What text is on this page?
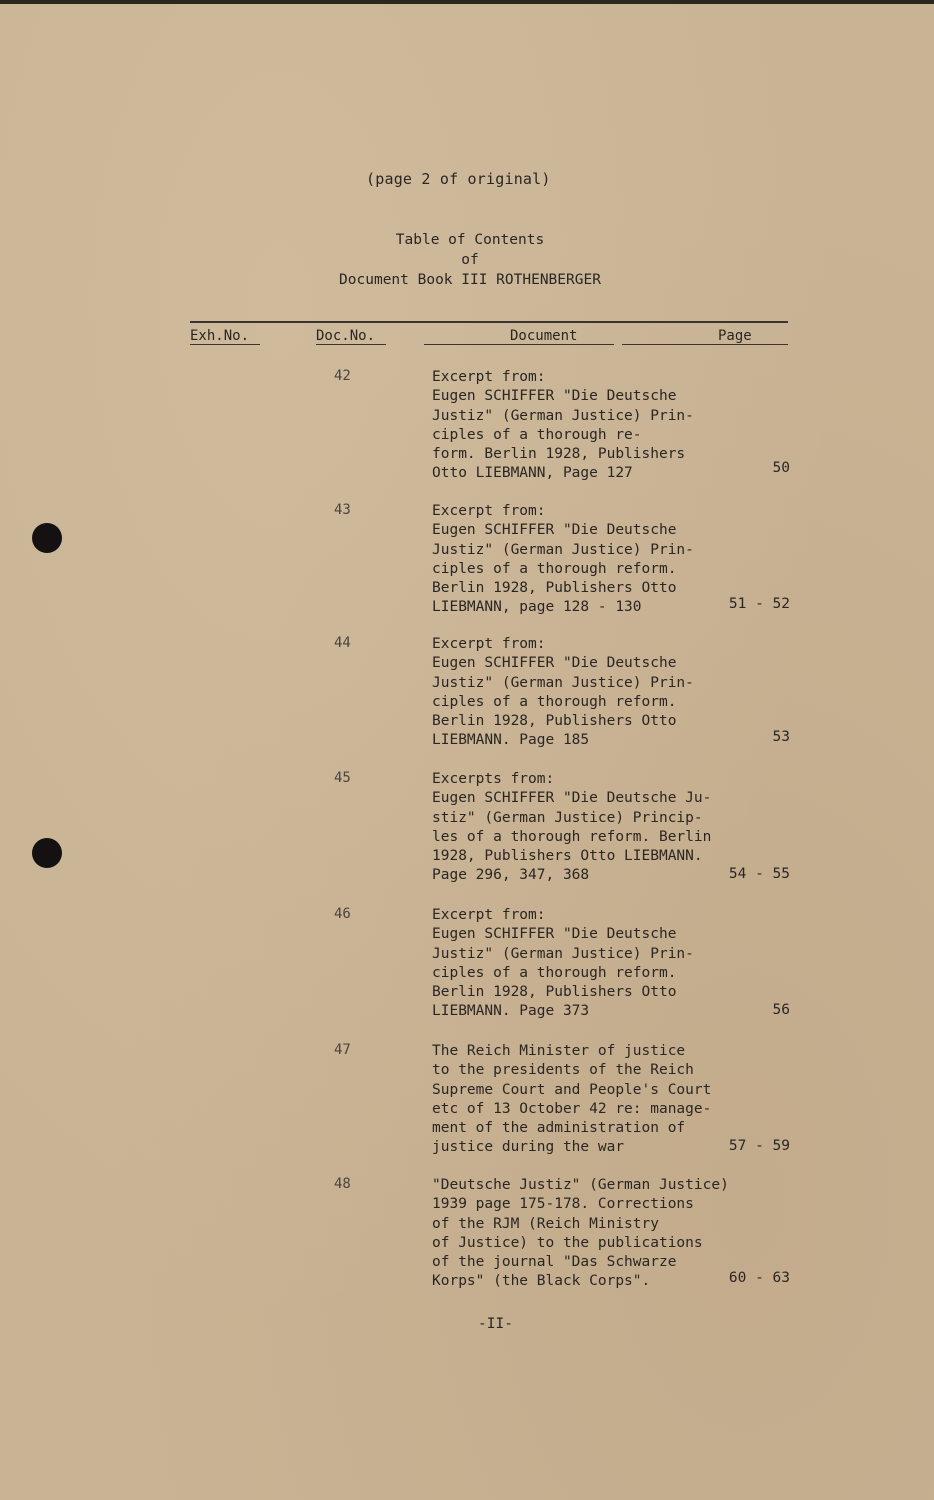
(page 2 of original)
Table of Contents
of
Document Book III ROTHENBERGER
Exh.No.	Doc.No.	Document	Page
42	Excerpt from:
Eugen SCHIFFER "Die Deutsche
Justiz" (German Justice) Prin-
ciples of a thorough re-
form. Berlin 1928, Publishers
Otto LIEBMANN, Page 127	50
43	Excerpt from:
Eugen SCHIFFER "Die Deutsche
Justiz" (German Justice) Prin-
ciples of a thorough reform.
Berlin 1928, Publishers Otto
LIEBMANN, page 128 - 130	51 - 52
44	Excerpt from:
Eugen SCHIFFER "Die Deutsche
Justiz" (German Justice) Prin-
ciples of a thorough reform.
Berlin 1928, Publishers Otto
LIEBMANN. Page 185	53
45	Excerpts from:
Eugen SCHIFFER "Die Deutsche Ju-
stiz" (German Justice) Princip-
les of a thorough reform. Berlin
1928, Publishers Otto LIEBMANN.
Page 296, 347, 368	54 - 55
46	Excerpt from:
Eugen SCHIFFER "Die Deutsche
Justiz" (German Justice) Prin-
ciples of a thorough reform.
Berlin 1928, Publishers Otto
LIEBMANN. Page 373	56
47	The Reich Minister of justice
to the presidents of the Reich
Supreme Court and People's Court
etc of 13 October 42 re: manage-
ment of the administration of
justice during the war	57 - 59
48	"Deutsche Justiz" (German Justice)
1939 page 175-178. Corrections
of the RJM (Reich Ministry
of Justice) to the publications
of the journal "Das Schwarze
Korps" (the Black Corps".	60 - 63
-II-
